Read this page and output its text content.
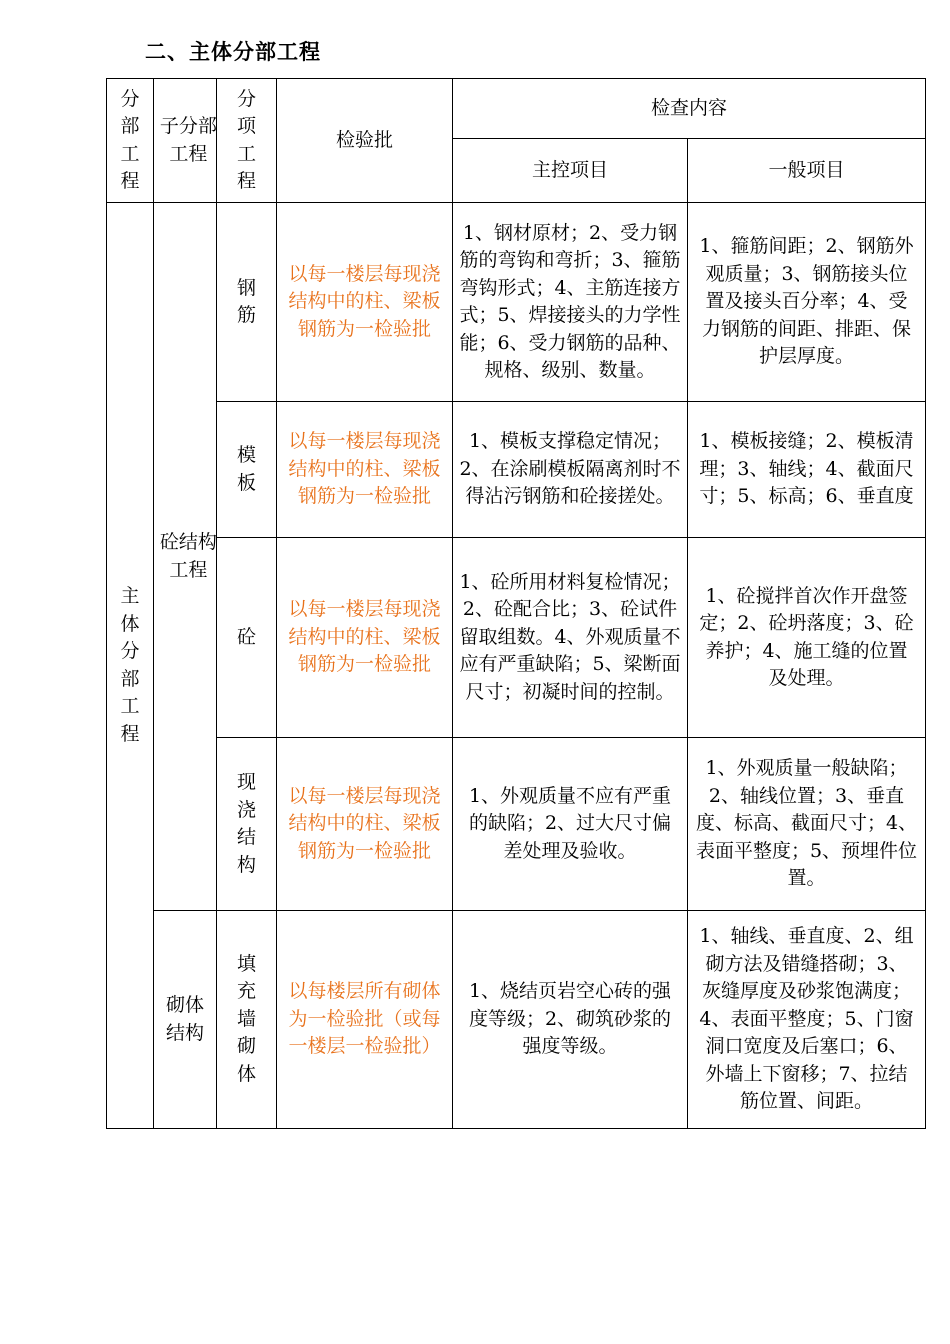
二、主体分部工程
分部工程	子分部工程	分项工程	检验批	检查内容	
				主控项目	一般项目
主体分部工程	砼结构工程	钢筋	以每一楼层每现浇结构中的柱、梁板钢筋为一检验批	1、钢材原材；2、受力钢筋的弯钩和弯折；3、箍筋弯钩形式；4、主筋连接方式；5、焊接接头的力学性能；6、受力钢筋的品种、规格、级别、数量。	1、箍筋间距；2、钢筋外观质量；3、钢筋接头位置及接头百分率；4、受力钢筋的间距、排距、保护层厚度。
		模板	以每一楼层每现浇结构中的柱、梁板钢筋为一检验批	1、模板支撑稳定情况；2、在涂刷模板隔离剂时不得沾污钢筋和砼接搓处。	1、模板接缝；2、模板清理；3、轴线；4、截面尺寸；5、标高；6、垂直度
		砼	以每一楼层每现浇结构中的柱、梁板钢筋为一检验批	1、砼所用材料复检情况；2、砼配合比；3、砼试件留取组数。4、外观质量不应有严重缺陷；5、梁断面尺寸；初凝时间的控制。	1、砼搅拌首次作开盘签定；2、砼坍落度；3、砼养护；4、施工缝的位置及处理。
		现浇结构	以每一楼层每现浇结构中的柱、梁板钢筋为一检验批	1、外观质量不应有严重的缺陷；2、过大尺寸偏差处理及验收。	1、外观质量一般缺陷；2、轴线位置；3、垂直度、标高、截面尺寸；4、表面平整度；5、预埋件位置。
	砌体结构	填充墙砌体	以每楼层所有砌体为一检验批（或每一楼层一检验批）	1、烧结页岩空心砖的强度等级；2、砌筑砂浆的强度等级。	1、轴线、垂直度、2、组砌方法及错缝搭砌；3、灰缝厚度及砂浆饱满度；4、表面平整度；5、门窗洞口宽度及后塞口；6、外墙上下窗移；7、拉结筋位置、间距。
